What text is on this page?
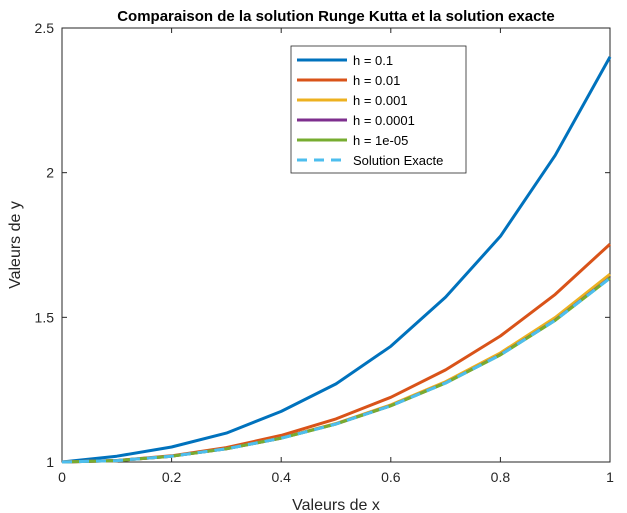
Comparaison de la solution Runge Kutta et la solution exacte
Valeurs de x
Valeurs de y
0	0.2	0.4	0.6	0.8	1
1
1.5
2
2.5
h = 0.1
h = 0.01
h = 0.001
h = 0.0001
h = 1e-05
Solution Exacte
